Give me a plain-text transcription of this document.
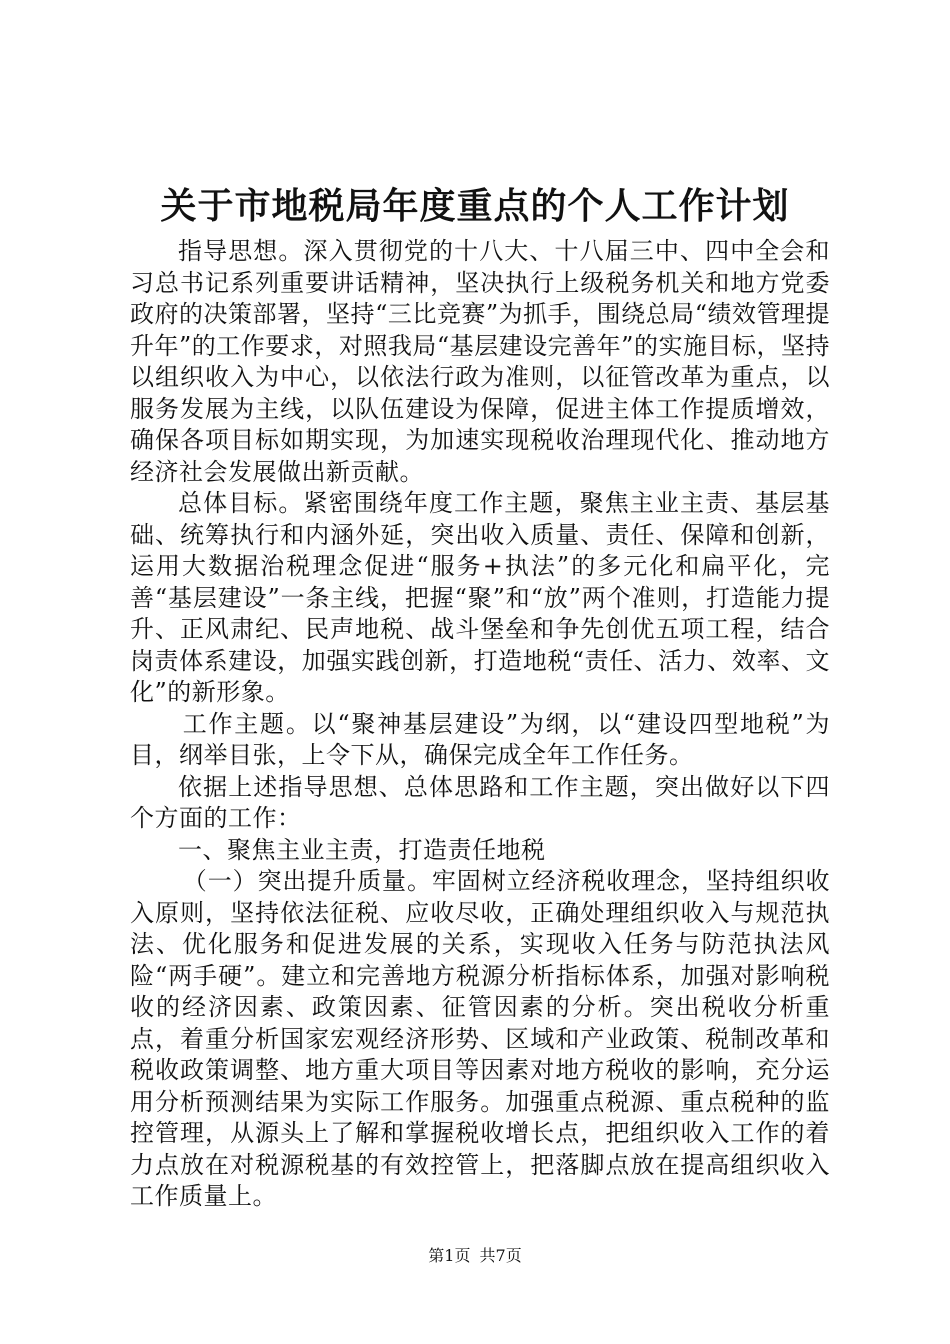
关于市地税局年度重点的个人工作计划

指导思想。深入贯彻党的十八大、十八届三中、四中全会和习总书记系列重要讲话精神，坚决执行上级税务机关和地方党委政府的决策部署，坚持“三比竞赛”为抓手，围绕总局“绩效管理提升年”的工作要求，对照我局“基层建设完善年”的实施目标，坚持以组织收入为中心，以依法行政为准则，以征管改革为重点，以服务发展为主线，以队伍建设为保障，促进主体工作提质增效，确保各项目标如期实现，为加速实现税收治理现代化、推动地方经济社会发展做出新贡献。

总体目标。紧密围绕年度工作主题，聚焦主业主责、基层基础、统筹执行和内涵外延，突出收入质量、责任、保障和创新，运用大数据治税理念促进“服务+执法”的多元化和扁平化，完善“基层建设”一条主线，把握“聚”和“放”两个准则，打造能力提升、正风肃纪、民声地税、战斗堡垒和争先创优五项工程，结合岗责体系建设，加强实践创新，打造地税“责任、活力、效率、文化”的新形象。

工作主题。以“聚神基层建设”为纲，以“建设四型地税”为目，纲举目张，上令下从，确保完成全年工作任务。

依据上述指导思想、总体思路和工作主题，突出做好以下四个方面的工作：

一、聚焦主业主责，打造责任地税

（一）突出提升质量。牢固树立经济税收理念，坚持组织收入原则，坚持依法征税、应收尽收，正确处理组织收入与规范执法、优化服务和促进发展的关系，实现收入任务与防范执法风险“两手硬”。建立和完善地方税源分析指标体系，加强对影响税收的经济因素、政策因素、征管因素的分析。突出税收分析重点，着重分析国家宏观经济形势、区域和产业政策、税制改革和税收政策调整、地方重大项目等因素对地方税收的影响，充分运用分析预测结果为实际工作服务。加强重点税源、重点税种的监控管理，从源头上了解和掌握税收增长点，把组织收入工作的着力点放在对税源税基的有效控管上，把落脚点放在提高组织收入工作质量上。

第1页 共7页
